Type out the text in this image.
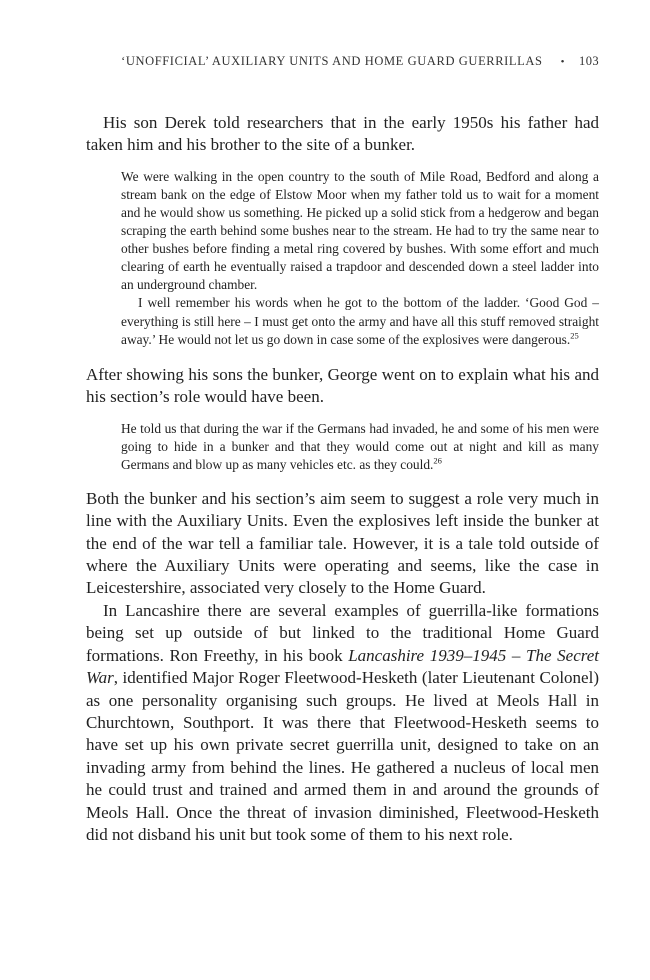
‘UNOFFICIAL’ AUXILIARY UNITS AND HOME GUARD GUERRILLAS • 103

His son Derek told researchers that in the early 1950s his father had taken him and his brother to the site of a bunker.

We were walking in the open country to the south of Mile Road, Bedford and along a stream bank on the edge of Elstow Moor when my father told us to wait for a moment and he would show us something. He picked up a solid stick from a hedgerow and began scraping the earth behind some bushes near to the stream. He had to try the same near to other bushes before finding a metal ring covered by bushes. With some effort and much clearing of earth he eventually raised a trapdoor and descended down a steel ladder into an underground chamber.

I well remember his words when he got to the bottom of the ladder. ‘Good God – everything is still here – I must get onto the army and have all this stuff removed straight away.’ He would not let us go down in case some of the explosives were dangerous.$^{25}$

After showing his sons the bunker, George went on to explain what his and his section’s role would have been.

He told us that during the war if the Germans had invaded, he and some of his men were going to hide in a bunker and that they would come out at night and kill as many Germans and blow up as many vehicles etc. as they could.$^{26}$

Both the bunker and his section’s aim seem to suggest a role very much in line with the Auxiliary Units. Even the explosives left inside the bunker at the end of the war tell a familiar tale. However, it is a tale told outside of where the Auxiliary Units were operating and seems, like the case in Leicestershire, associated very closely to the Home Guard.

In Lancashire there are several examples of guerrilla-like formations being set up outside of but linked to the traditional Home Guard formations. Ron Freethy, in his book Lancashire 1939–1945 – The Secret War, identified Major Roger Fleetwood-Hesketh (later Lieutenant Colonel) as one personality organising such groups. He lived at Meols Hall in Churchtown, Southport. It was there that Fleetwood-Hesketh seems to have set up his own private secret guerrilla unit, designed to take on an invading army from behind the lines. He gathered a nucleus of local men he could trust and trained and armed them in and around the grounds of Meols Hall. Once the threat of invasion diminished, Fleetwood-Hesketh did not disband his unit but took some of them to his next role.
